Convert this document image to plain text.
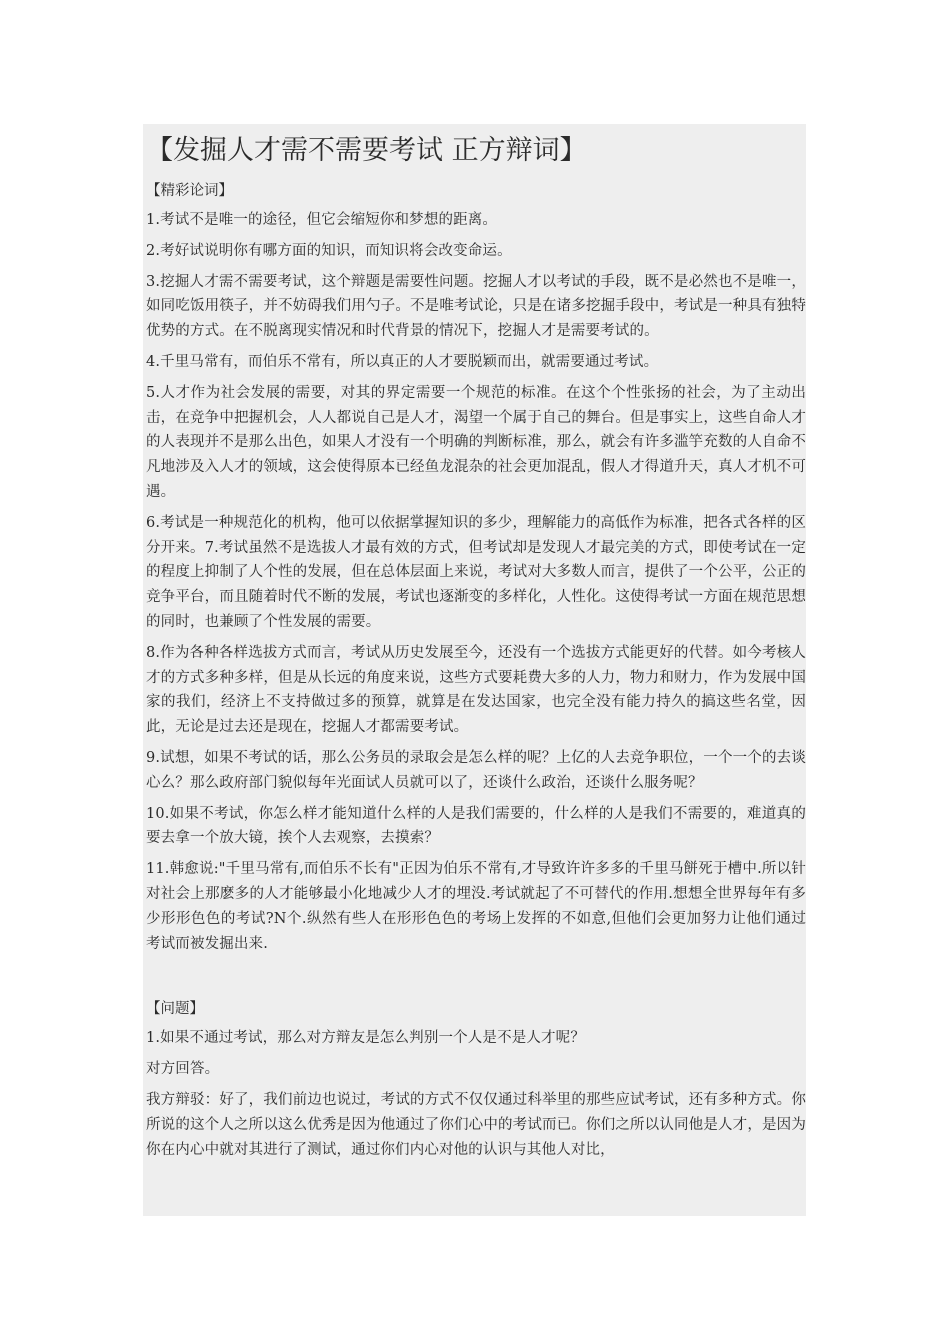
【发掘人才需不需要考试 正方辩词】
【精彩论词】

1.考试不是唯一的途径，但它会缩短你和梦想的距离。

2.考好试说明你有哪方面的知识，而知识将会改变命运。

3.挖掘人才需不需要考试，这个辩题是需要性问题。挖掘人才以考试的手段，既不是必然也不是唯一，如同吃饭用筷子，并不妨碍我们用勺子。不是唯考试论，只是在诸多挖掘手段中，考试是一种具有独特优势的方式。在不脱离现实情况和时代背景的情况下，挖掘人才是需要考试的。

4.千里马常有，而伯乐不常有，所以真正的人才要脱颖而出，就需要通过考试。

5.人才作为社会发展的需要，对其的界定需要一个规范的标准。在这个个性张扬的社会，为了主动出击，在竞争中把握机会，人人都说自己是人才，渴望一个属于自己的舞台。但是事实上，这些自命人才的人表现并不是那么出色，如果人才没有一个明确的判断标准，那么，就会有许多滥竽充数的人自命不凡地涉及入人才的领域，这会使得原本已经鱼龙混杂的社会更加混乱，假人才得道升天，真人才机不可遇。

6.考试是一种规范化的机构，他可以依据掌握知识的多少，理解能力的高低作为标准，把各式各样的区分开来。7.考试虽然不是选拔人才最有效的方式，但考试却是发现人才最完美的方式，即使考试在一定的程度上抑制了人个性的发展，但在总体层面上来说，考试对大多数人而言，提供了一个公平，公正的竞争平台，而且随着时代不断的发展，考试也逐渐变的多样化，人性化。这使得考试一方面在规范思想的同时，也兼顾了个性发展的需要。

8.作为各种各样选拔方式而言，考试从历史发展至今，还没有一个选拔方式能更好的代替。如今考核人才的方式多种多样，但是从长远的角度来说，这些方式要耗费大多的人力，物力和财力，作为发展中国家的我们，经济上不支持做过多的预算，就算是在发达国家，也完全没有能力持久的搞这些名堂，因此，无论是过去还是现在，挖掘人才都需要考试。

9.试想，如果不考试的话，那么公务员的录取会是怎么样的呢？上亿的人去竞争职位，一个一个的去谈心么？那么政府部门貌似每年光面试人员就可以了，还谈什么政治，还谈什么服务呢？

10.如果不考试，你怎么样才能知道什么样的人是我们需要的，什么样的人是我们不需要的，难道真的要去拿一个放大镜，挨个人去观察，去摸索？

11.韩愈说:"千里马常有,而伯乐不长有"正因为伯乐不常有,才导致许许多多的千里马餅死于槽中.所以针对社会上那麽多的人才能够最小化地减少人才的埋没.考试就起了不可替代的作用.想想全世界每年有多少形形色色的考试?N个.纵然有些人在形形色色的考场上发挥的不如意,但他们会更加努力让他们通过考试而被发掘出来.

【问题】

1.如果不通过考试，那么对方辩友是怎么判别一个人是不是人才呢？

对方回答。

我方辩驳：好了，我们前边也说过，考试的方式不仅仅通过科举里的那些应试考试，还有多种方式。你所说的这个人之所以这么优秀是因为他通过了你们心中的考试而已。你们之所以认同他是人才，是因为你在内心中就对其进行了测试，通过你们内心对他的认识与其他人对比，
